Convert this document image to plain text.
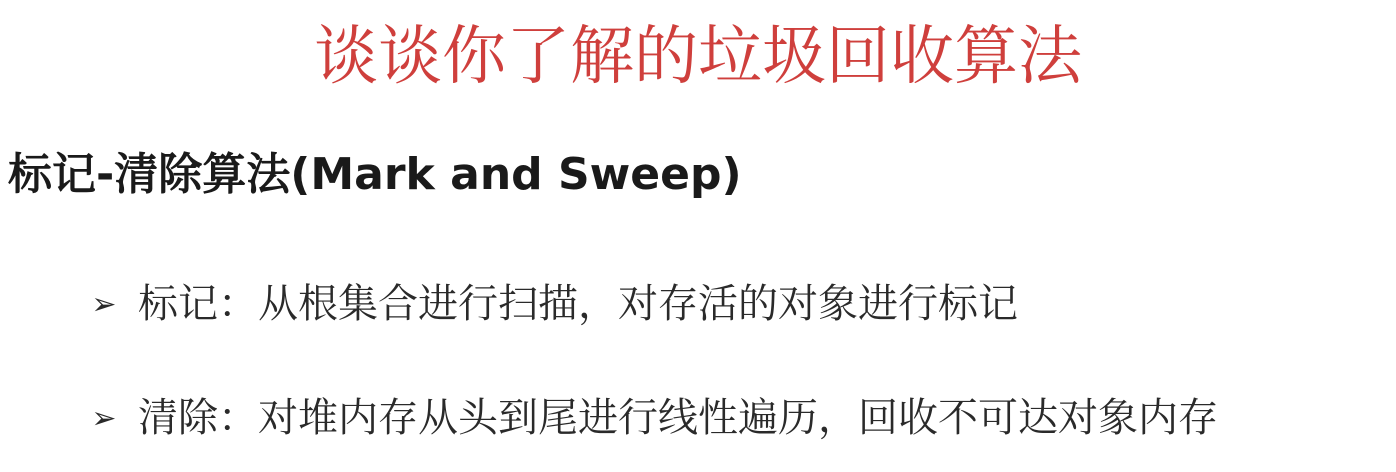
谈谈你了解的垃圾回收算法
标记-清除算法(Mark and Sweep)
➢ 标记：从根集合进行扫描，对存活的对象进行标记
➢ 清除：对堆内存从头到尾进行线性遍历，回收不可达对象内存
